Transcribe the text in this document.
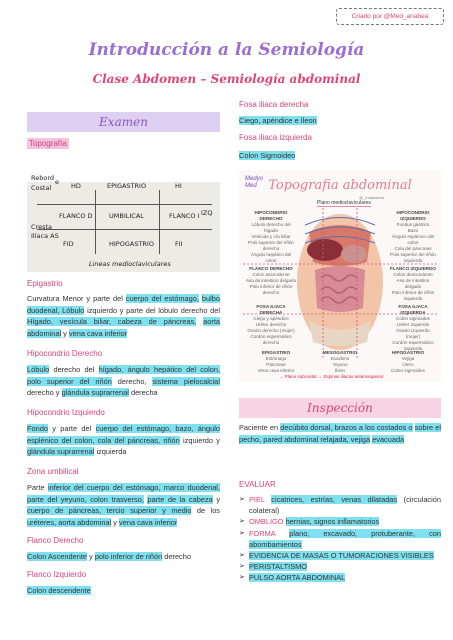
Criado por @Med_anabea
Introducción a la Semiología
Clase Abdomen – Semiología abdominal
Examen
Topografía
Rebord
Costal
e HD	EPIGASTRIO	HI
FLANCO D	UMBILICAL	FLANCO I IZQ
Cresta
Ilíaca AS
FID	HIPOGASTRIO	FII
Lineas medioclaviculares
Epigastrio
Curvatura Menor y parte del cuerpo del estómago, bulbo duodenal, Lóbulo izquierdo y parte del lóbulo derecho del Hígado, vesícula biliar, cabeza de páncreas, aorta abdominal y vena cava inferior
Hipocondrio Derecho
Lóbulo derecho del hígado, ángulo hepático del colon, polo superior del riñón derecho, sistema pielocalcial derecho y glándula suprarrenal derecha
Hipocondrio Izquierdo
Fondo y parte del cuerpo del estómago, bazo, ángulo esplénico del colon, cola del páncreas, riñón izquierdo y glándula suprarrenal izquierda
Zona umbilical
Parte inferior del cuerpo del estómago, marco duodenal, parte del yeyuno, colon trasverso, parte de la cabeza y cuerpo de páncreas, tercio superior y medio de los uréteres, aorta abdominal y vena cava inferior
Flanco Derecho
Colon Ascendente y polo inferior de riñón derecho
Flanco Izquierdo
Colon descendente
Fosa iliaca derecha
Ciego, apéndice e íleon
Fosa iliaca izquierda
Colon Sigmoideo
Topografia abdominal
Medyo Med
@_mdanabea
Plano medioclaviculares
HIPOCONDRIO DERECHO
Lóbulo derecho del hígado
Vesícula y vía biliar
Polo superior del riñón derecho
Ángulo hepático del colon
HIPOCONDRIO IZQUIERDO
Fundus gástrico
Bazo
Ángulo esplénico del colon
Cola del páncreas
Polo superior del riñón izquierdo
FLANCO DERECHO
Colon ascendente
Asa de intestino delgado
Polo inferior de riñón derecho
FLANCO IZQUIERDO
Colon descendente
Asa de intestino delgado
Polo inferior de riñón izquierdo
FOSA ILIACA DERECHA
Ciego y apéndice
Uréter derecho
Ovario derecho (mujer)
Cordón espermático derecho
FOSA ILIACA IZQUIERDA
Colon sigmoides
Uréter izquierdo
Ovario izquierdo (mujer)
Cordón espermático izquierdo
EPIGASTRIO
Estómago
Páncreas
Vena cava inferior
MESOGASTRIO
Duodeno
Yeyuno
Íleon
HIPOGASTRIO
Vejiga
Útero
Colon sigmoides
→ Plano subcostal → Espinas iliacas anterosuperior
Inspección
Paciente en decúbito dorsal, brazos a los costados o sobre el pecho, pared abdominal relajada, vejiga evacuada
EVALUAR
➢ PIEL cicatrices, estrías, venas dilatadas (circulación colateral)
➢ OMBLIGO hernias, signos inflamatorios
➢ FORMA plano, excavado, protuberante, con abombamientos
➢ EVIDENCIA DE MASAS O TUMORACIONES VISIBLES
➢ PERISTALTISMO
➢ PULSO AORTA ABDOMINAL
